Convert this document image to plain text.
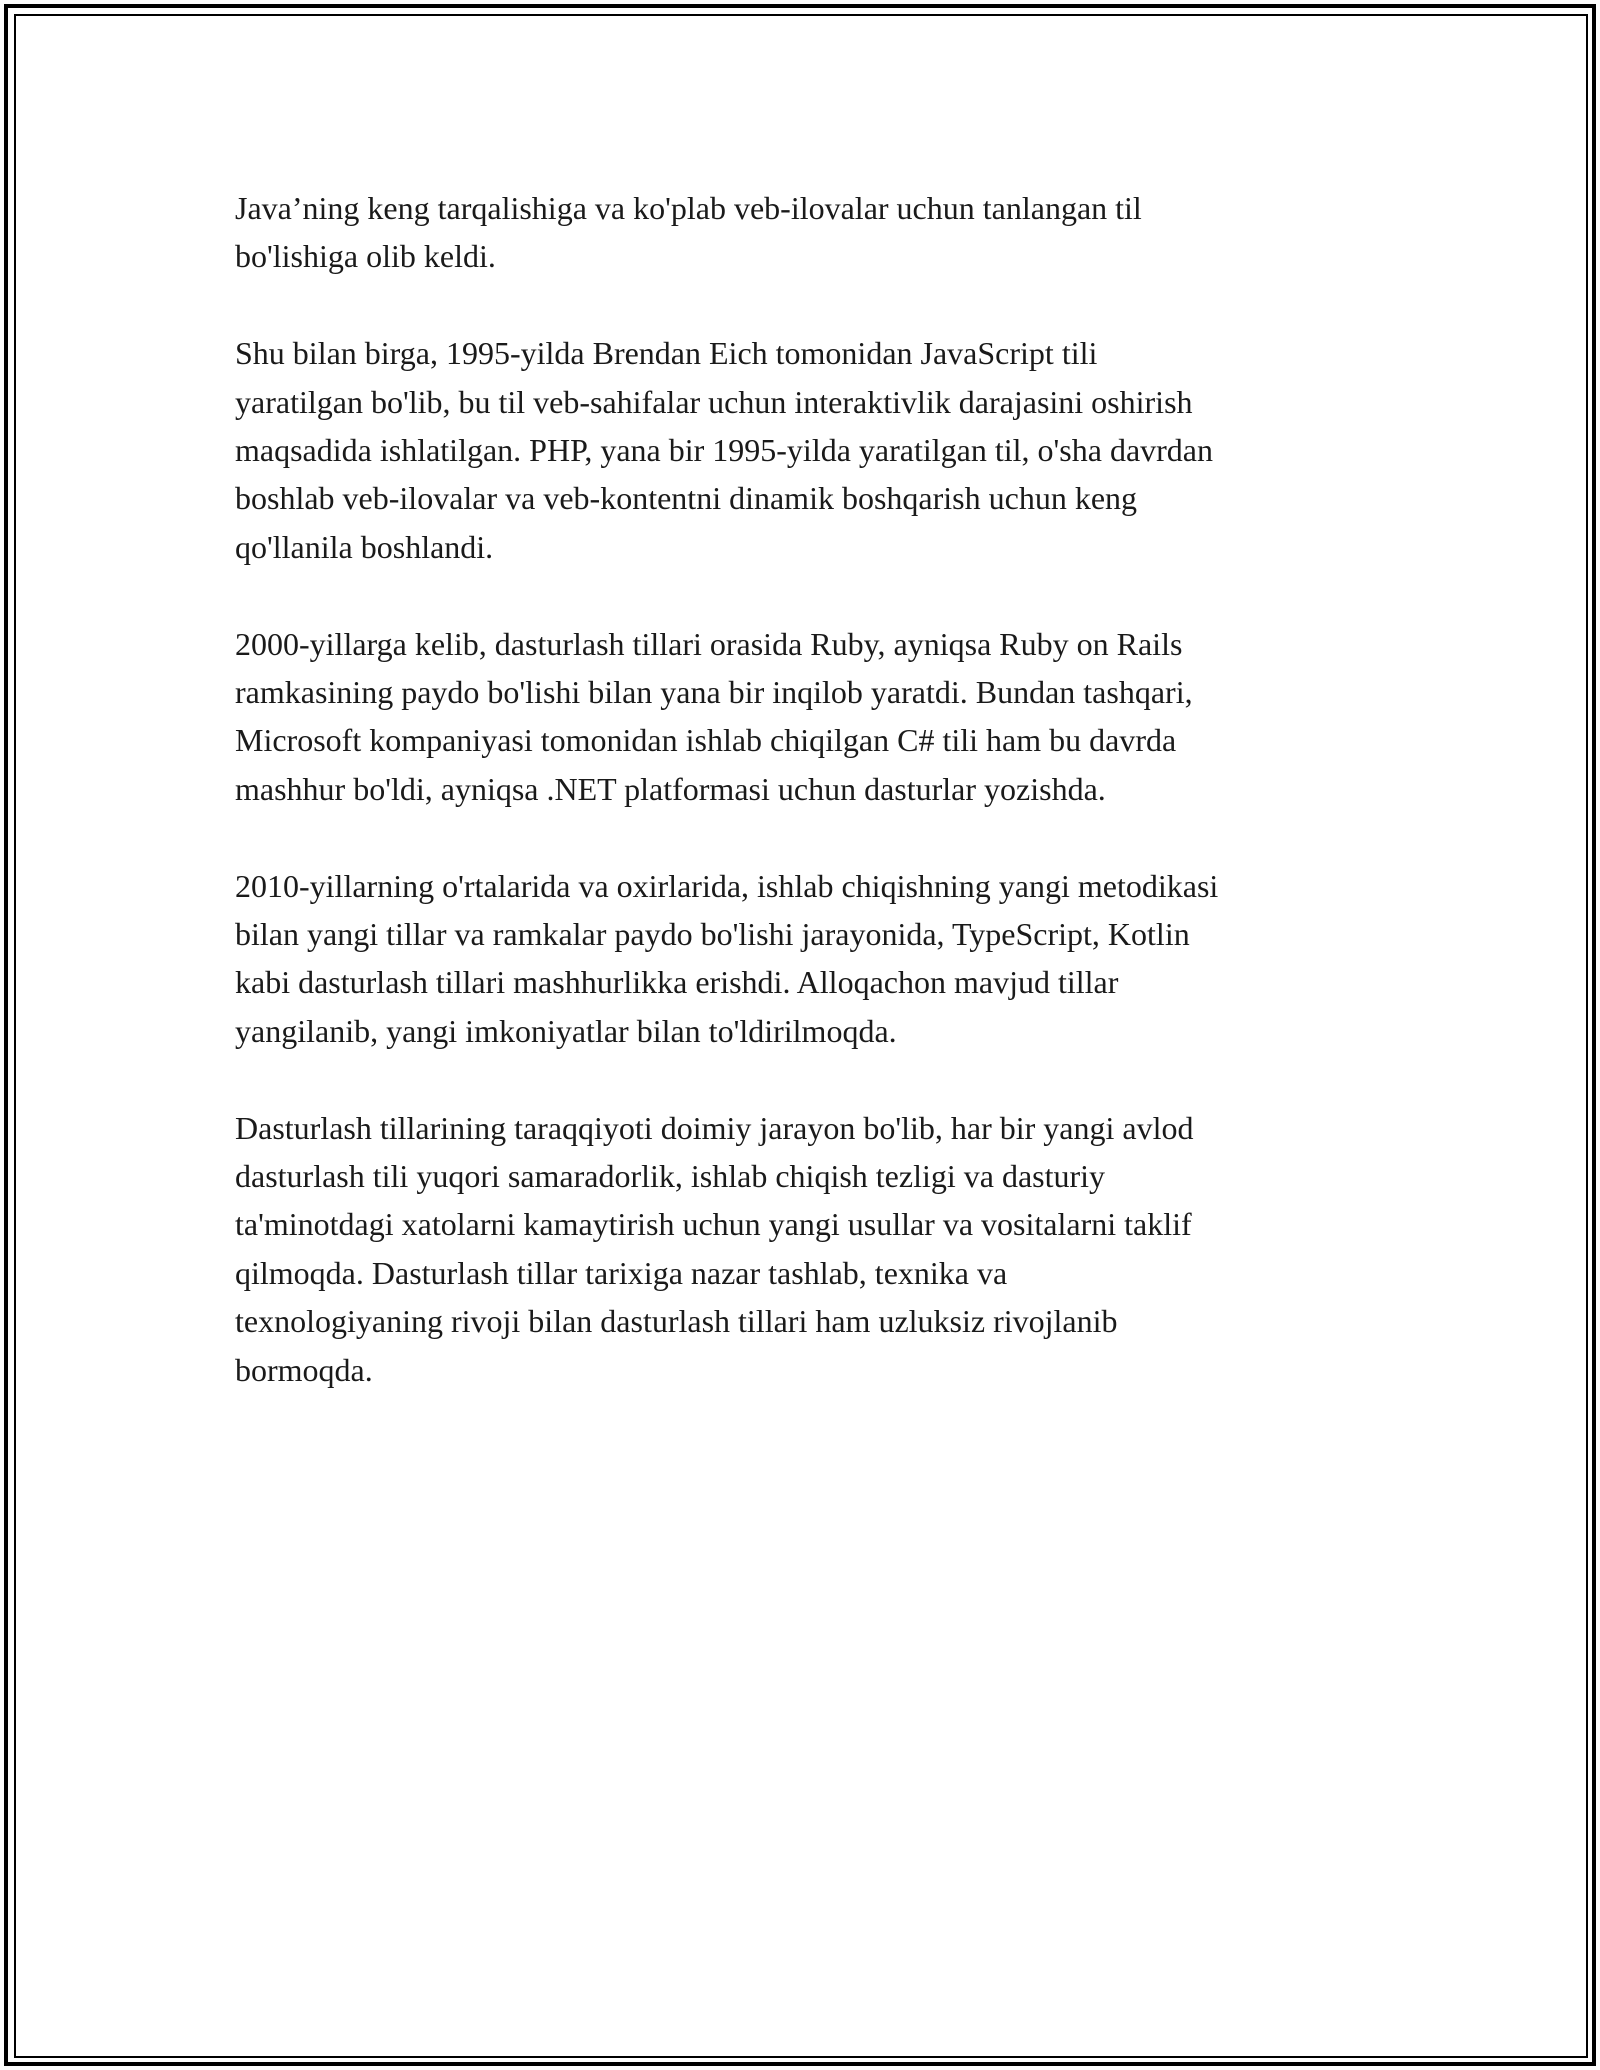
Java’ning keng tarqalishiga va ko'plab veb-ilovalar uchun tanlangan til
bo'lishiga olib keldi.

Shu bilan birga, 1995-yilda Brendan Eich tomonidan JavaScript tili
yaratilgan bo'lib, bu til veb-sahifalar uchun interaktivlik darajasini oshirish
maqsadida ishlatilgan. PHP, yana bir 1995-yilda yaratilgan til, o'sha davrdan
boshlab veb-ilovalar va veb-kontentni dinamik boshqarish uchun keng
qo'llanila boshlandi.

2000-yillarga kelib, dasturlash tillari orasida Ruby, ayniqsa Ruby on Rails
ramkasining paydo bo'lishi bilan yana bir inqilob yaratdi. Bundan tashqari,
Microsoft kompaniyasi tomonidan ishlab chiqilgan C# tili ham bu davrda
mashhur bo'ldi, ayniqsa .NET platformasi uchun dasturlar yozishda.

2010-yillarning o'rtalarida va oxirlarida, ishlab chiqishning yangi metodikasi
bilan yangi tillar va ramkalar paydo bo'lishi jarayonida, TypeScript, Kotlin
kabi dasturlash tillari mashhurlikka erishdi. Alloqachon mavjud tillar
yangilanib, yangi imkoniyatlar bilan to'ldirilmoqda.

Dasturlash tillarining taraqqiyoti doimiy jarayon bo'lib, har bir yangi avlod
dasturlash tili yuqori samaradorlik, ishlab chiqish tezligi va dasturiy
ta'minotdagi xatolarni kamaytirish uchun yangi usullar va vositalarni taklif
qilmoqda. Dasturlash tillar tarixiga nazar tashlab, texnika va
texnologiyaning rivoji bilan dasturlash tillari ham uzluksiz rivojlanib
bormoqda.
